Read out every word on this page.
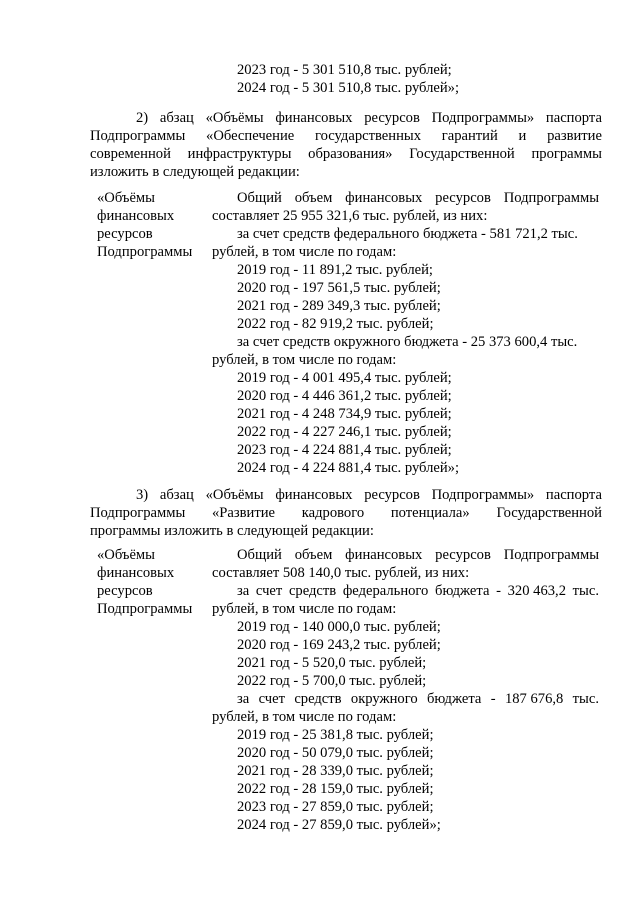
2023 год - 5 301 510,8 тыс. рублей;
2024 год - 5 301 510,8 тыс. рублей»;
2) абзац «Объёмы финансовых ресурсов Подпрограммы» паспорта
Подпрограммы «Обеспечение государственных гарантий и развитие
современной инфраструктуры образования» Государственной программы
изложить в следующей редакции:
«Объёмы
финансовых
ресурсов
Подпрограммы
Общий объем финансовых ресурсов Подпрограммы
составляет 25 955 321,6 тыс. рублей, из них:
за счет средств федерального бюджета - 581 721,2 тыс.
рублей, в том числе по годам:
2019 год - 11 891,2 тыс. рублей;
2020 год - 197 561,5 тыс. рублей;
2021 год - 289 349,3 тыс. рублей;
2022 год - 82 919,2 тыс. рублей;
за счет средств окружного бюджета - 25 373 600,4 тыс.
рублей, в том числе по годам:
2019 год - 4 001 495,4 тыс. рублей;
2020 год - 4 446 361,2 тыс. рублей;
2021 год - 4 248 734,9 тыс. рублей;
2022 год - 4 227 246,1 тыс. рублей;
2023 год - 4 224 881,4 тыс. рублей;
2024 год - 4 224 881,4 тыс. рублей»;
3) абзац «Объёмы финансовых ресурсов Подпрограммы» паспорта
Подпрограммы «Развитие кадрового потенциала» Государственной
программы изложить в следующей редакции:
«Объёмы
финансовых
ресурсов
Подпрограммы
Общий объем финансовых ресурсов Подпрограммы
составляет 508 140,0 тыс. рублей, из них:
за счет средств федерального бюджета - 320 463,2 тыс.
рублей, в том числе по годам:
2019 год - 140 000,0 тыс. рублей;
2020 год - 169 243,2 тыс. рублей;
2021 год - 5 520,0 тыс. рублей;
2022 год - 5 700,0 тыс. рублей;
за счет средств окружного бюджета - 187 676,8 тыс.
рублей, в том числе по годам:
2019 год - 25 381,8 тыс. рублей;
2020 год - 50 079,0 тыс. рублей;
2021 год - 28 339,0 тыс. рублей;
2022 год - 28 159,0 тыс. рублей;
2023 год - 27 859,0 тыс. рублей;
2024 год - 27 859,0 тыс. рублей»;
